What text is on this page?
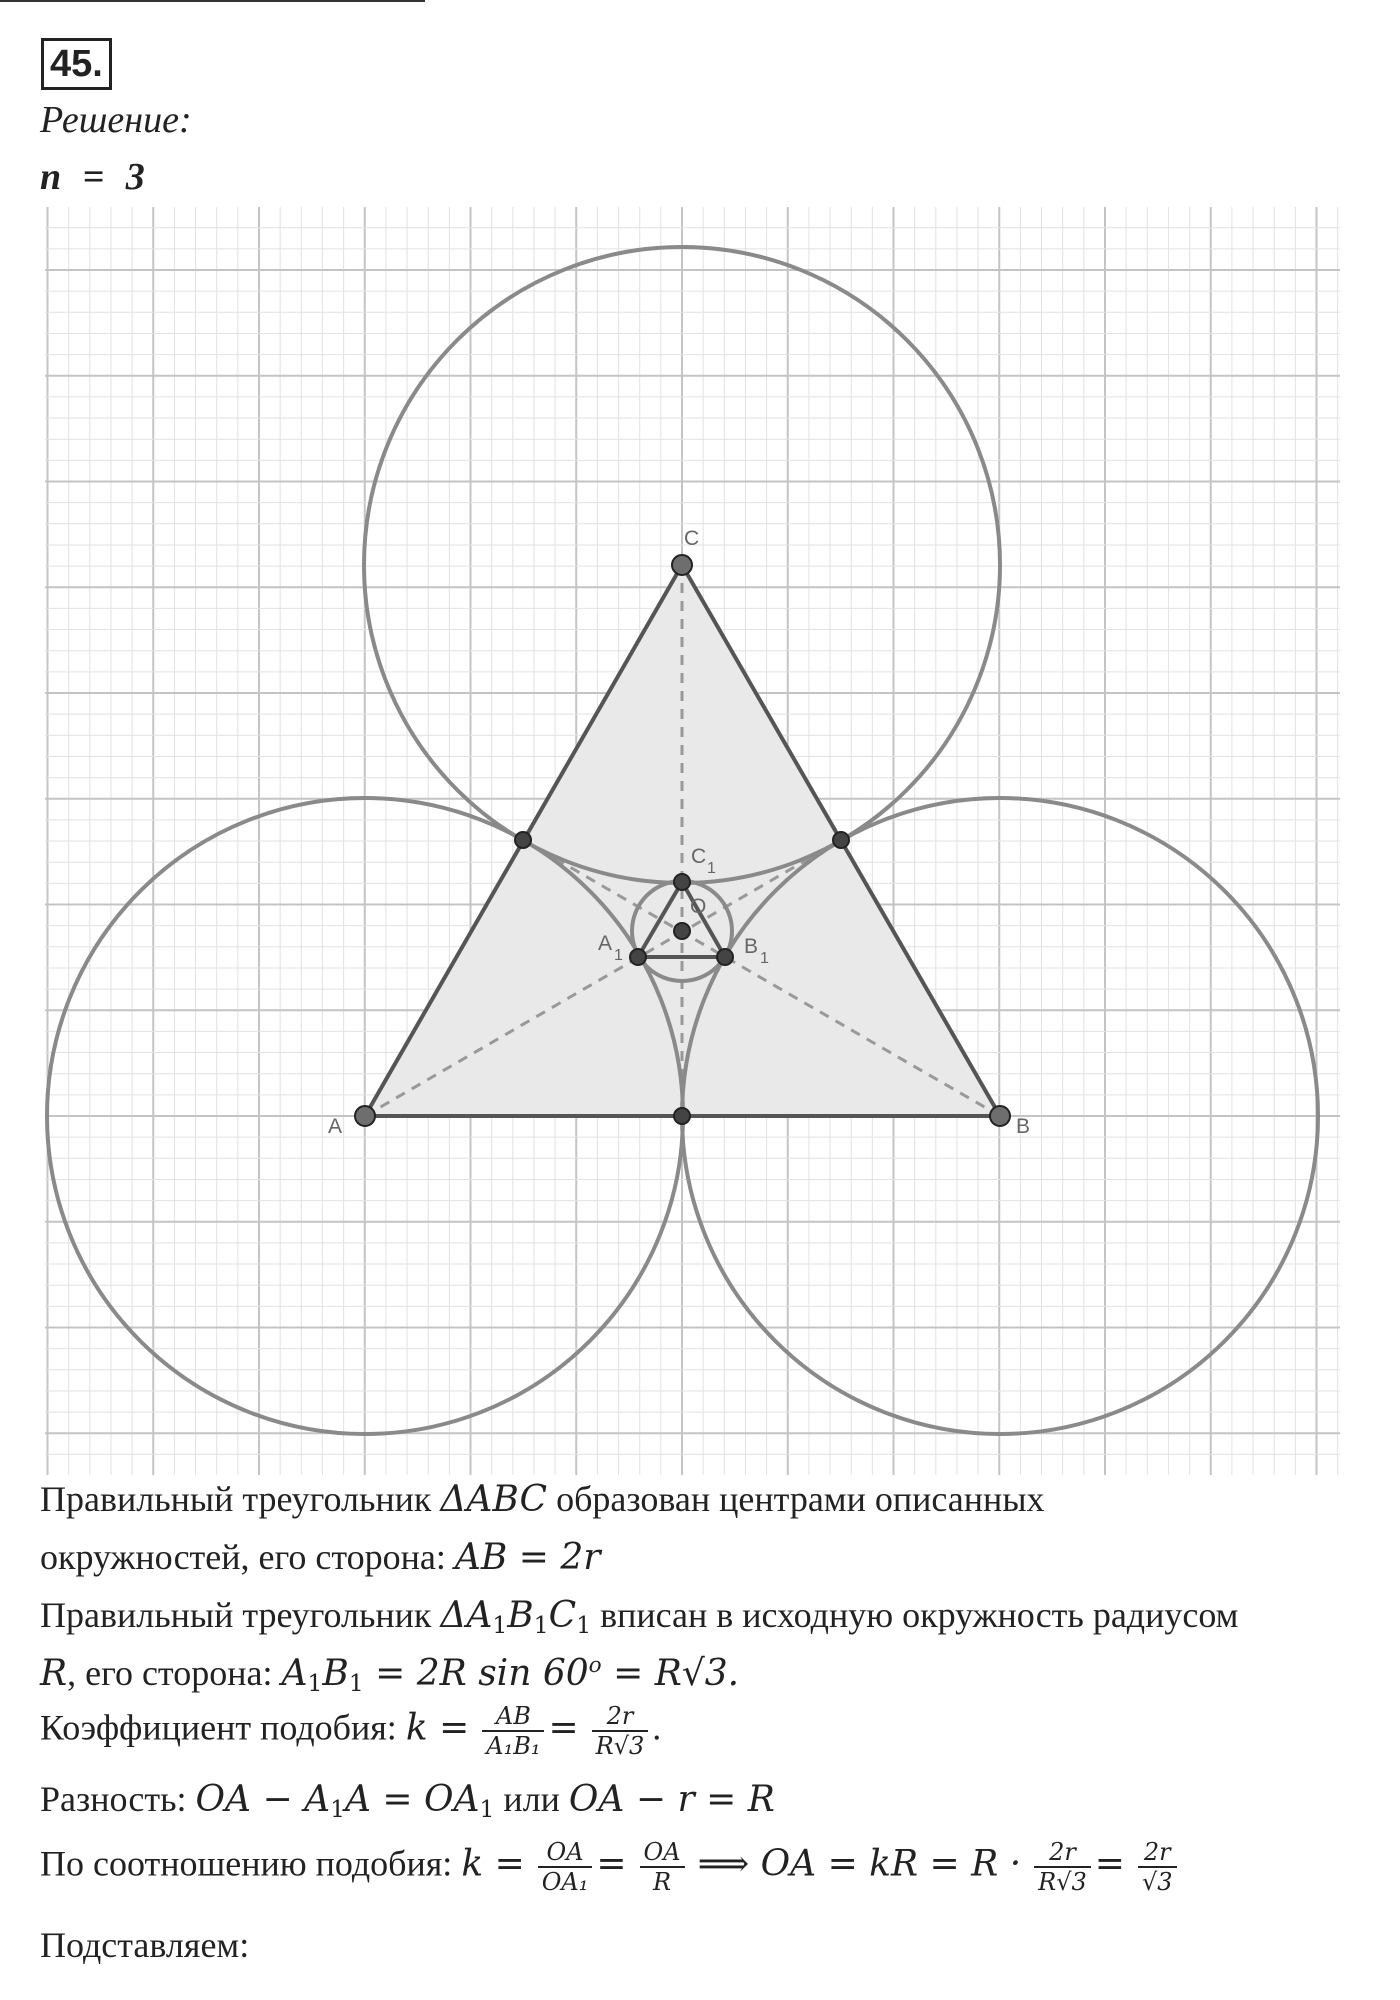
45.
Решение:
n = 3
C
A	B
O
C
1
A
1	B
1
Правильный треугольник ΔABC образован центрами описанных
окружностей, его сторона: AB = 2r
Правильный треугольник $\Delta A_1B_1C_1$ вписан в исходную окружность радиусом
R, его сторона: $A_1B_1 = 2R$ $\sin 60^o = R√3$.
Коэффициент подобия: $k = \frac{AB}{\text{A₁B₁}} = \frac{2r}{R√3}$ .
Разность: OA − $A_1A = OA_1$ или OA − r = R
По соотношению подобия: $k = \frac{OA}{\text{OA₁}} = \frac{OA}{R}$ ⟹ OA = kR = $R \cdot \frac{2r}{R√3} = \frac{2r}{√3}$
Подставляем:
